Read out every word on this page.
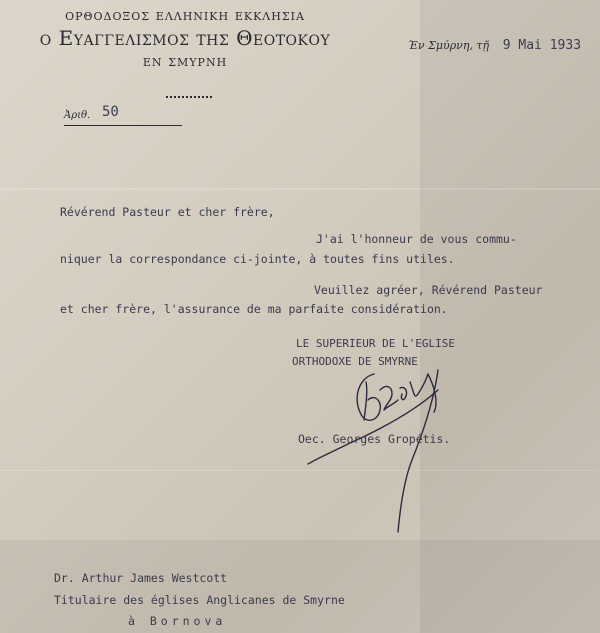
ορθοδοξος ελληνικη εκκλησια
ο Ευαγγελισμος της Θεοτοκου
εν σμυρνη
Έν Σμύρνη, τῇ 9 Mai 1933
Ἀριθ. 50
Révérend Pasteur et cher frère,
J'ai l'honneur de vous commu-
niquer la correspondance ci-jointe, à toutes fins utiles.
Veuillez agréer, Révérend Pasteur
et cher frère, l'assurance de ma parfaite considération.
LE SUPERIEUR DE L'EGLISE
ORTHODOXE DE SMYRNE
Oec. Georges Gropétis.
Dr. Arthur James Westcott
Titulaire des églises Anglicanes de Smyrne
à Bornova
